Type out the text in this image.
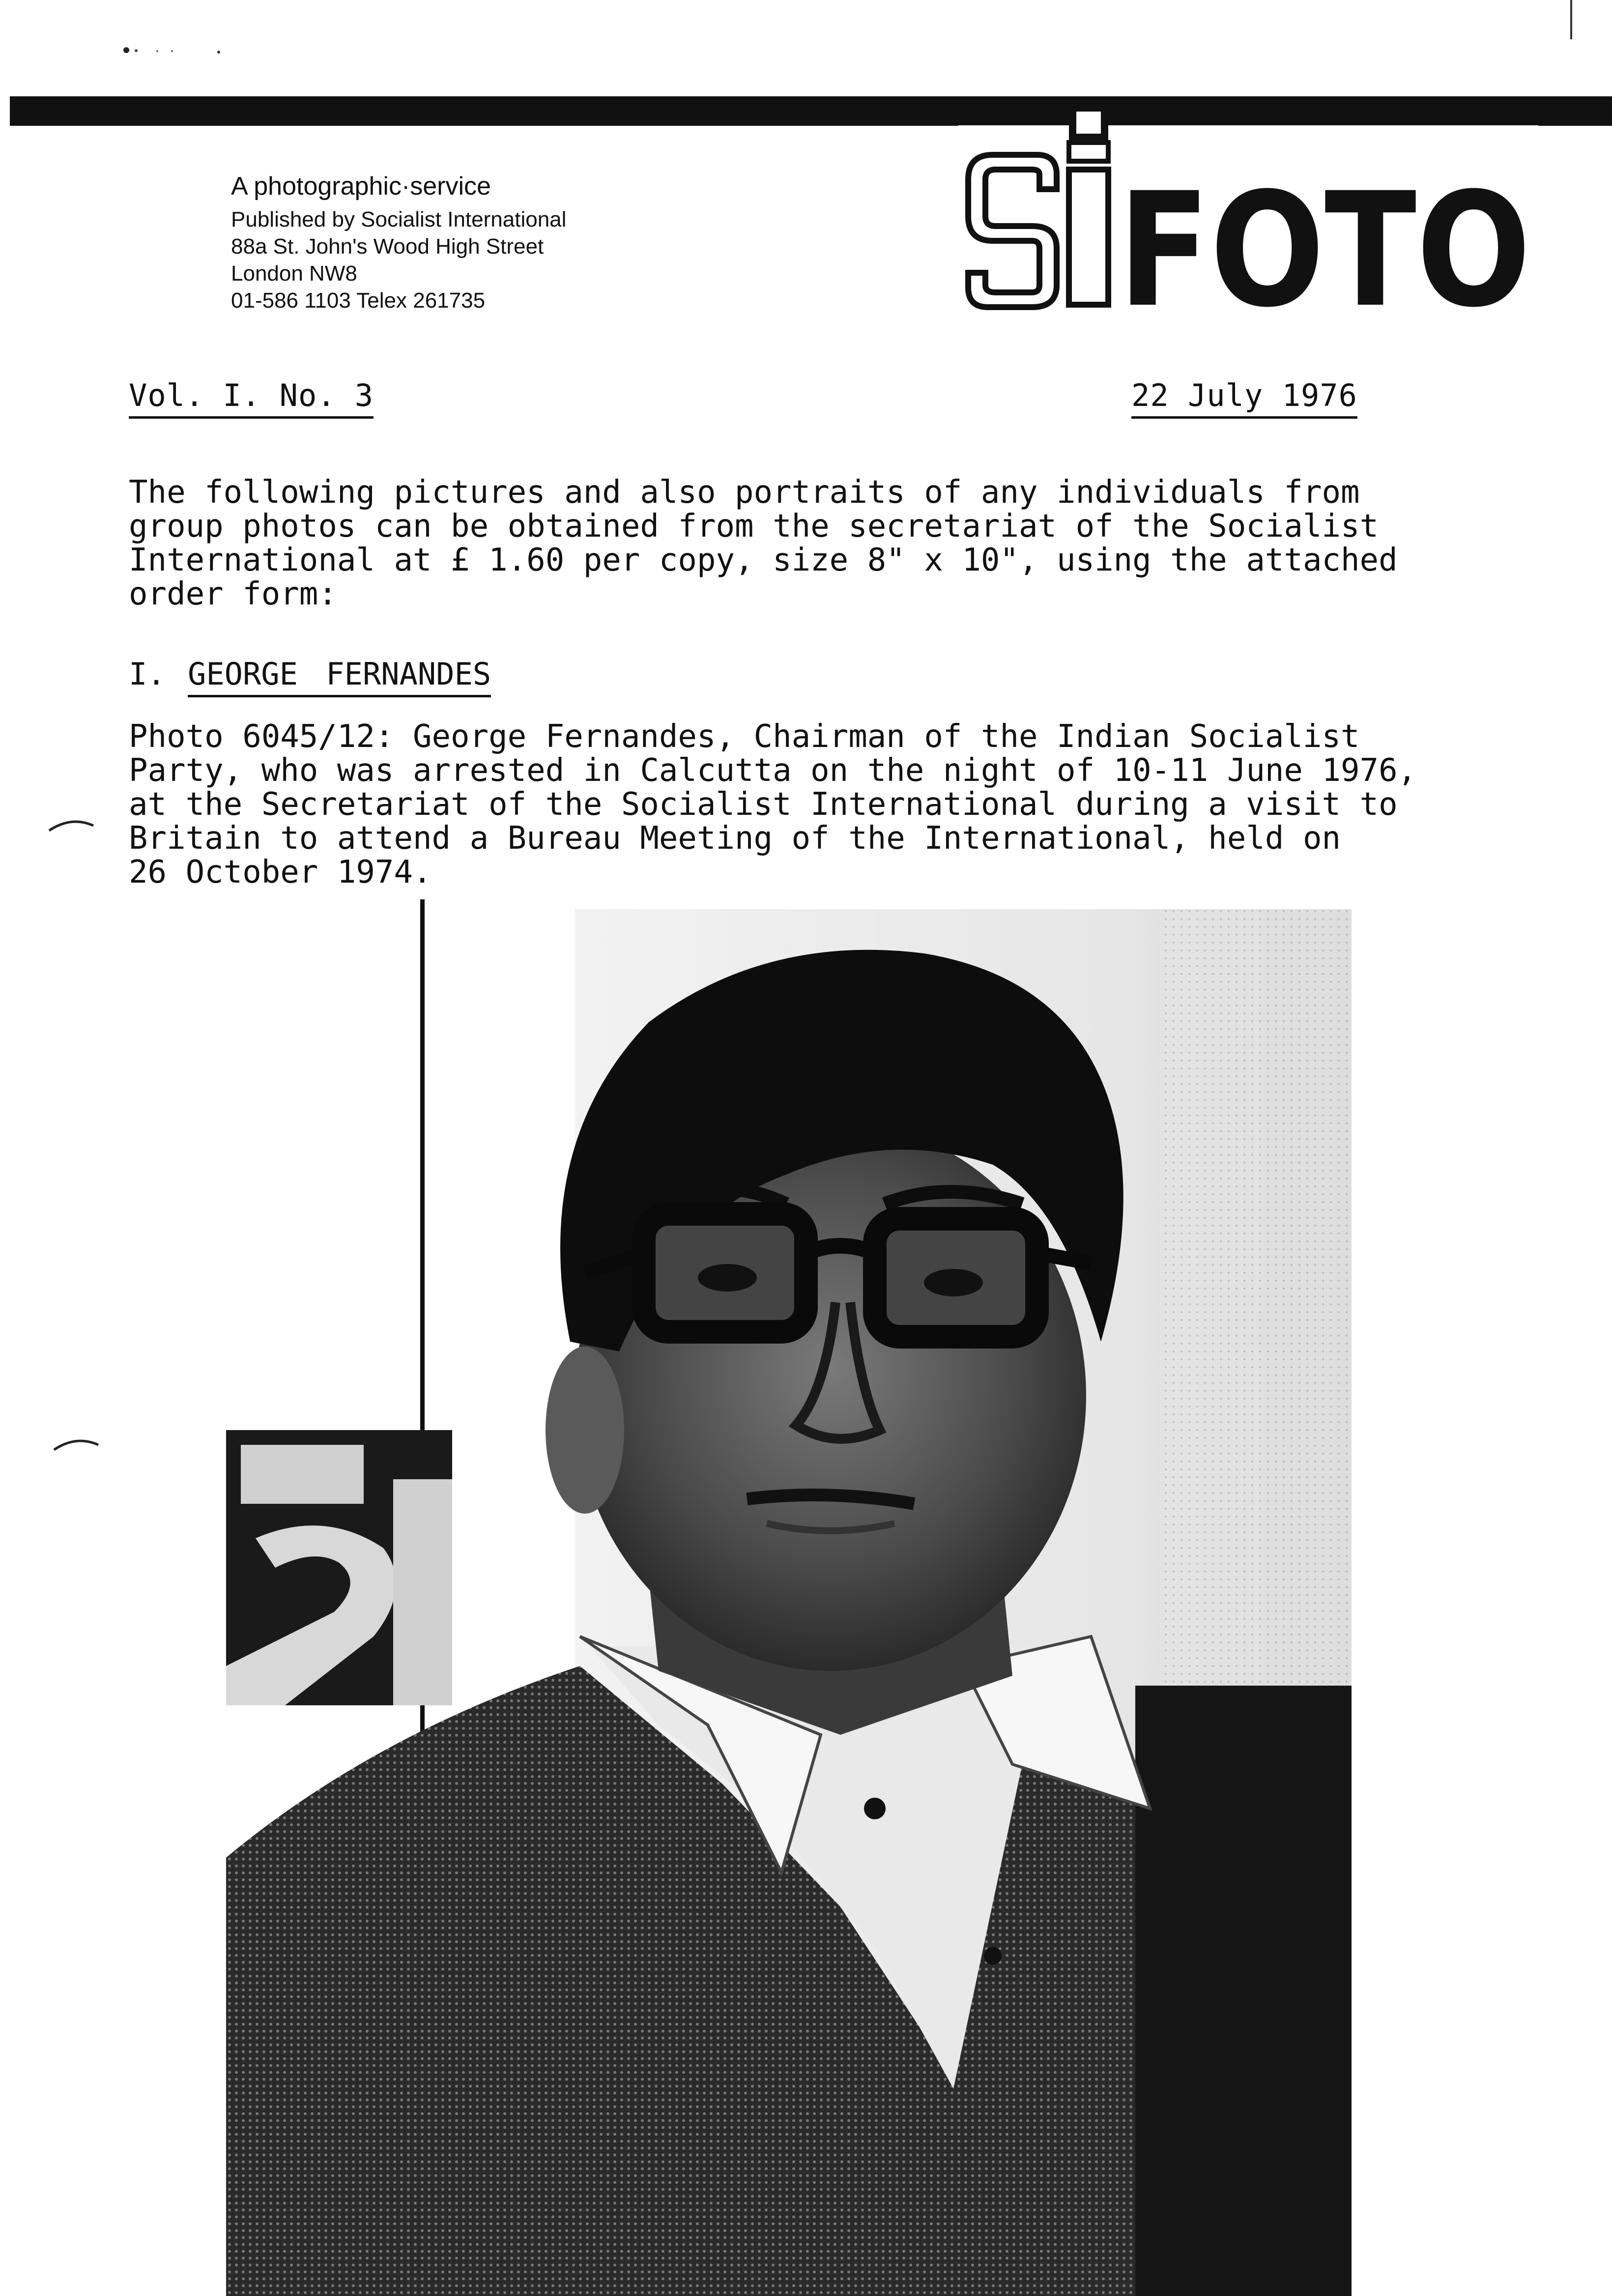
A photographic·service

Published by Socialist International

88a St. John's Wood High Street

London NW8

01-586 1103 Telex 261735	FOTO
Vol. I. No. 3	22 July 1976

The following pictures and also portraits of any individuals from
group photos can be obtained from the secretariat of the Socialist
International at £ 1.60 per copy, size 8" x 10", using the attached
order form:

I. GEORGE FERNANDES

Photo 6045/12: George Fernandes, Chairman of the Indian Socialist
Party, who was arrested in Calcutta on the night of 10-11 June 1976,
at the Secretariat of the Socialist International during a visit to
Britain to attend a Bureau Meeting of the International, held on
26 October 1974.
